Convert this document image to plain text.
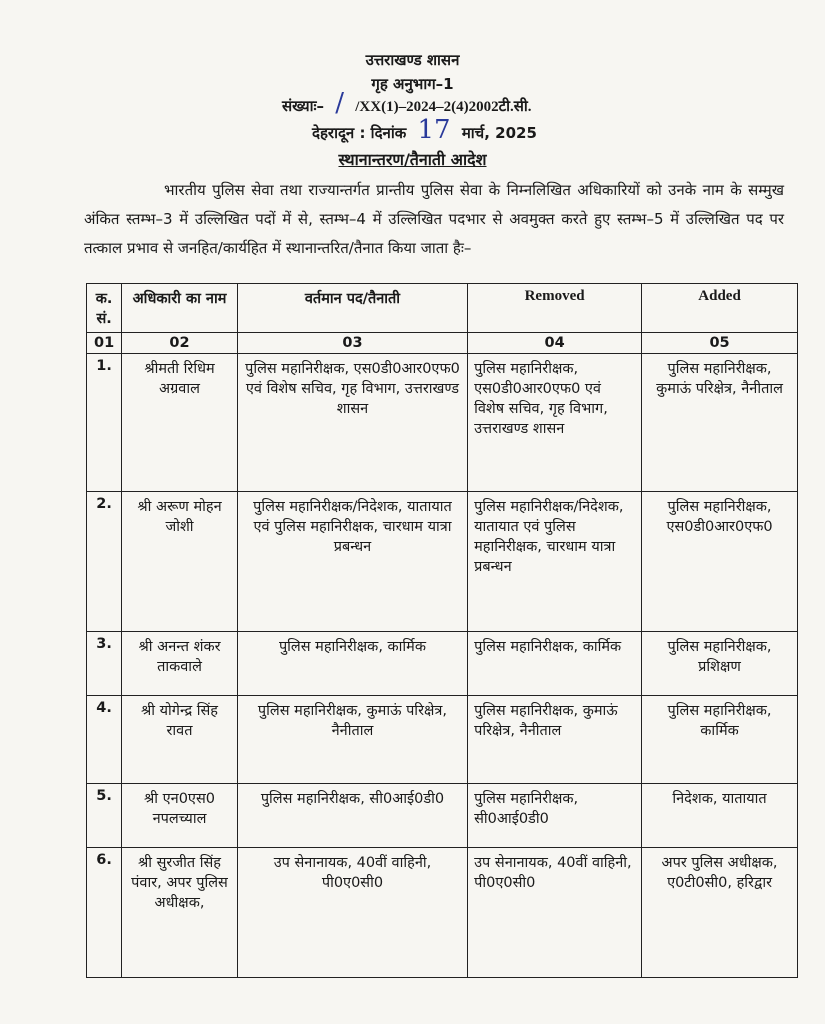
उत्तराखण्ड शासन
गृह अनुभाग–1
संख्याः– / /XX(1)–2024–2(4)2002टी.सी.
देहरादून : दिनांक 17 मार्च, 2025
स्थानान्तरण/तैनाती आदेश
भारतीय पुलिस सेवा तथा राज्यान्तर्गत प्रान्तीय पुलिस सेवा के निम्नलिखित अधिकारियों को उनके नाम के सम्मुख अंकित स्तम्भ–3 में उल्लिखित पदों में से, स्तम्भ–4 में उल्लिखित पदभार से अवमुक्त करते हुए स्तम्भ–5 में उल्लिखित पद पर तत्काल प्रभाव से जनहित/कार्यहित में स्थानान्तरित/तैनात किया जाता हैः–
क. सं.	अधिकारी का नाम	वर्तमान पद/तैनाती	Removed	Added
01	02	03	04	05
1.	श्रीमती रिधिम अग्रवाल	पुलिस महानिरीक्षक, एस0डी0आर0एफ0 एवं विशेष सचिव, गृह विभाग, उत्तराखण्ड शासन	पुलिस महानिरीक्षक, एस0डी0आर0एफ0 एवं विशेष सचिव, गृह विभाग, उत्तराखण्ड शासन	पुलिस महानिरीक्षक, कुमाऊं परिक्षेत्र, नैनीताल
2.	श्री अरूण मोहन जोशी	पुलिस महानिरीक्षक/निदेशक, यातायात एवं पुलिस महानिरीक्षक, चारधाम यात्रा प्रबन्धन	पुलिस महानिरीक्षक/निदेशक, यातायात एवं पुलिस महानिरीक्षक, चारधाम यात्रा प्रबन्धन	पुलिस महानिरीक्षक, एस0डी0आर0एफ0
3.	श्री अनन्त शंकर ताकवाले	पुलिस महानिरीक्षक, कार्मिक	पुलिस महानिरीक्षक, कार्मिक	पुलिस महानिरीक्षक, प्रशिक्षण
4.	श्री योगेन्द्र सिंह रावत	पुलिस महानिरीक्षक, कुमाऊं परिक्षेत्र, नैनीताल	पुलिस महानिरीक्षक, कुमाऊं परिक्षेत्र, नैनीताल	पुलिस महानिरीक्षक, कार्मिक
5.	श्री एन0एस0 नपलच्याल	पुलिस महानिरीक्षक, सी0आई0डी0	पुलिस महानिरीक्षक, सी0आई0डी0	निदेशक, यातायात
6.	श्री सुरजीत सिंह पंवार, अपर पुलिस अधीक्षक,	उप सेनानायक, 40वीं वाहिनी, पी0ए0सी0	उप सेनानायक, 40वीं वाहिनी, पी0ए0सी0	अपर पुलिस अधीक्षक, ए0टी0सी0, हरिद्वार
